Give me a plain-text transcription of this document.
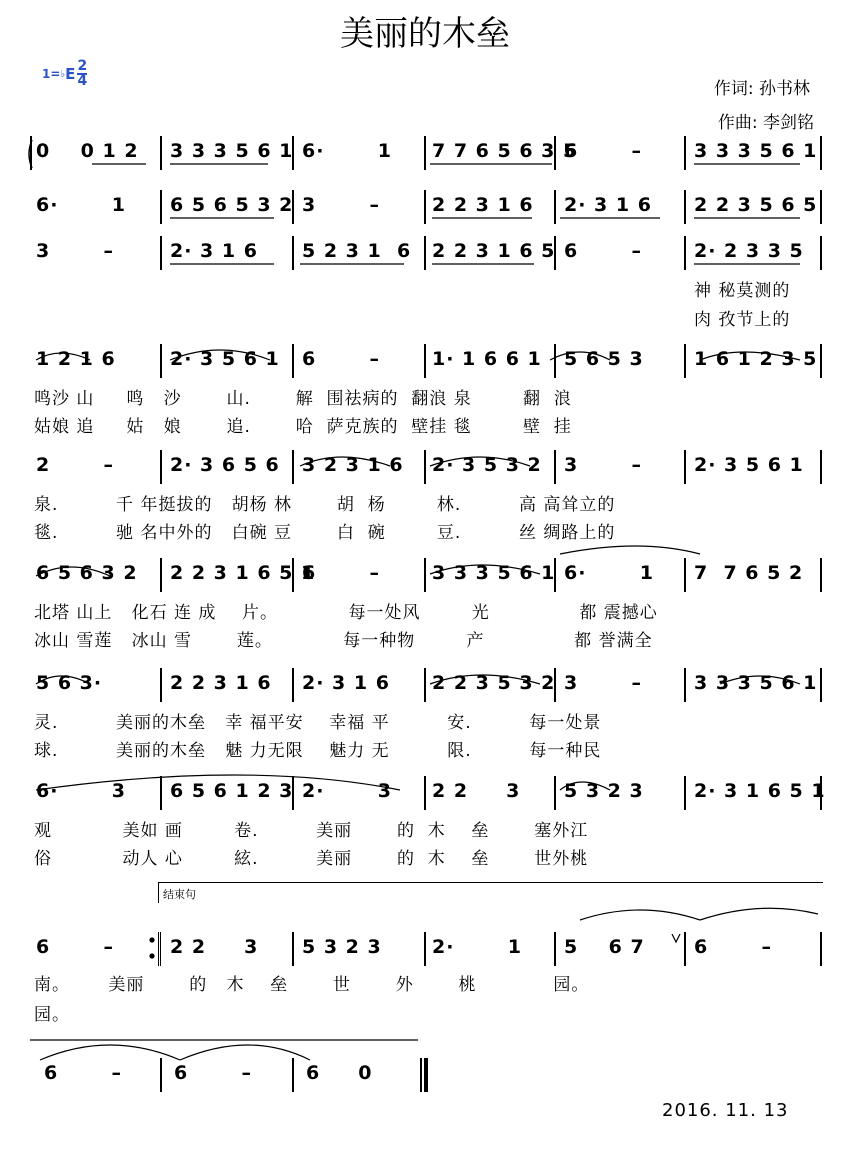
美丽的木垒
1= ♭ E $\frac{2}{4}$
作词: 孙书林
作曲: 李剑铭
0    0 1 2 3 3 3 5 6 1 6·       1 7 7 6 5 6 3 5
6       –	3 3 3 5 6 1
6·       1 6 5 6 5 3 2 3       –	2 2 3 1 6 2· 3 1 6 2 2 3 5 6 5
3       –	2· 3 1 6 5 2 3 1  6 2 2 3 1 6 5 6       –	2· 2 3 3 5
神 秘莫测的
肉 孜节上的
1 2 1 6	2· 3 5 6 1 6       –	1· 1 6 6 1 5 6 5 3	1 6 1 2 3 5
鸣沙 山     鸣   沙       山.       解  围祛病的  翻浪 泉        翻  浪
姑娘 追     姑   娘       追.       哈  萨克族的  壁挂 毯        壁  挂
2       –	2· 3 6 5 6 3 2 3 1 6 2· 3 5 3 2 3       –	2· 3 5 6 1
泉.         千 年挺拔的   胡杨 林       胡  杨        林.         高 高耸立的
毯.         驰 名中外的   白碗 豆       白  碗        豆.         丝 绸路上的
6 5 6 3 2 2 2 3 1 6 5 1
6       –	3 3 3 5 6 1 6·       1 7  7 6 5 2
北塔 山上   化石 连 成    片。           每一处风        光              都 震撼心
冰山 雪莲   冰山 雪       莲。           每一种物        产              都 誉满全
5 6 3·	2 2 3 1 6 2· 3 1 6 2 2 3 5 3 2 3       –	3 3 3 5 6 1
灵.         美丽的木垒   幸 福平安    幸福 平         安.         每一处景
球.         美丽的木垒   魅 力无限    魅力 无         限.         每一种民
6·       3 6 5 6 1 2 3 2·       3 2 2     3 5 3 2 3	2· 3 1 6 5 1
观           美如 画        卷.         美丽       的  木    垒       塞外江
俗           动人 心        絃.         美丽       的  木    垒       世外桃
结束句
6       –	2 2     3 5 3 2 3	2·       1 5    6 7	6       –
南。      美丽       的   木    垒       世       外       桃            园。
园。
6       –	6       –	6     0
2016. 11. 13
